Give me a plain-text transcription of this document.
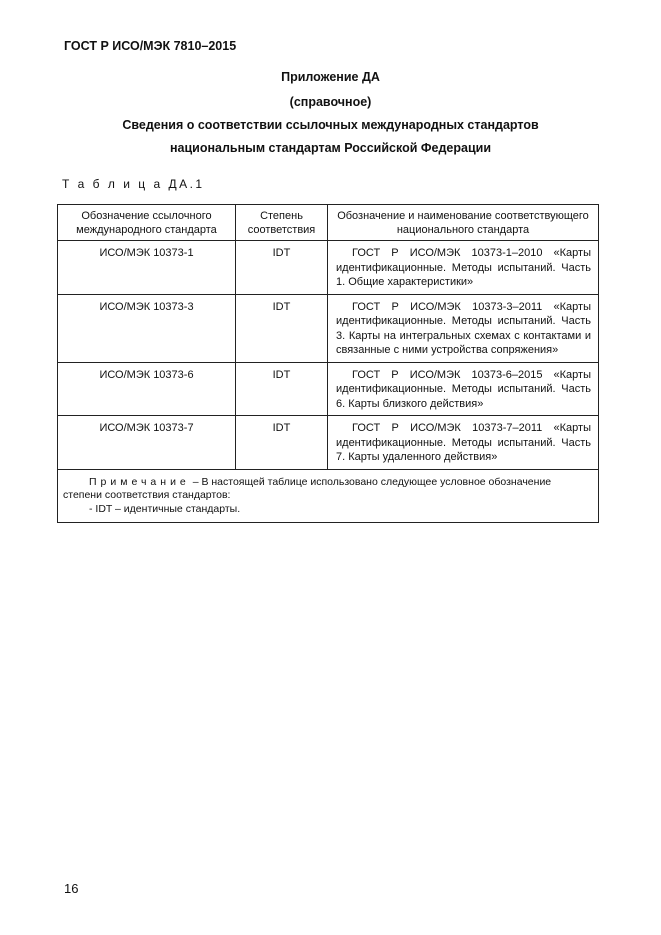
ГОСТ Р ИСО/МЭК 7810–2015
Приложение ДА
(справочное)
Сведения о соответствии ссылочных международных стандартов
национальным стандартам Российской Федерации
Т а б л и ц а ДА.1
Обозначение ссылочного международного стандарта	Степень соответствия	Обозначение и наименование соответствующего национального стандарта
ИСО/МЭК 10373-1	IDT	ГОСТ Р ИСО/МЭК 10373-1–2010 «Карты идентификационные. Методы испытаний. Часть 1. Общие характеристики»

ИСО/МЭК 10373-3	IDT	ГОСТ Р ИСО/МЭК 10373-3–2011 «Карты идентификационные. Методы испытаний. Часть 3. Карты на интегральных схемах с контактами и связанные с ними устройства сопряжения»

ИСО/МЭК 10373-6	IDT	ГОСТ Р ИСО/МЭК 10373-6–2015 «Карты идентификационные. Методы испытаний. Часть 6. Карты близкого действия»

ИСО/МЭК 10373-7	IDT	ГОСТ Р ИСО/МЭК 10373-7–2011 «Карты идентификационные. Методы испытаний. Часть 7. Карты удаленного действия»

Примечание – В настоящей таблице использовано следующее условное обозначение степени соответствия стандартов:
- IDT – идентичные стандарты.		
16
